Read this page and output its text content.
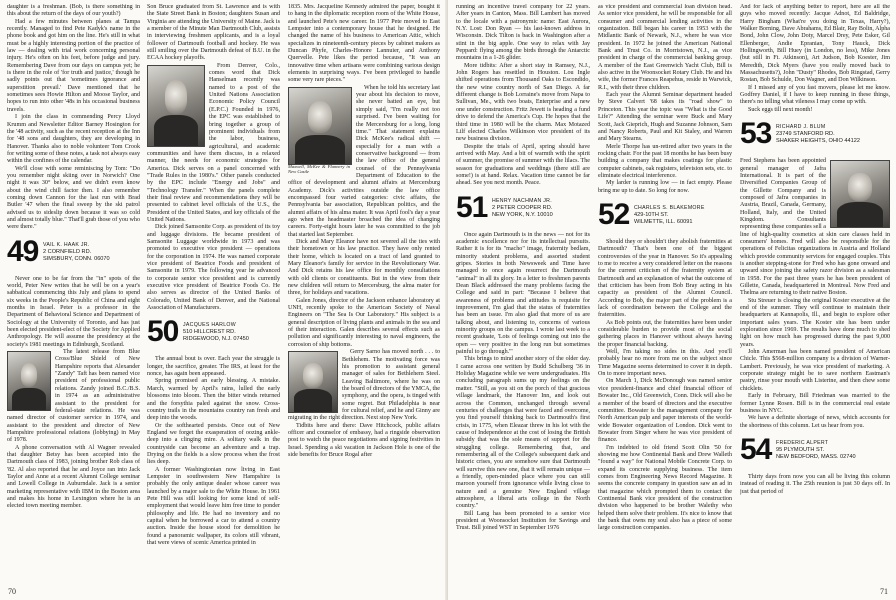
daughter is a freshman. (Bob, is there something in this about the return of the days of our youth?)

Had a few minutes between planes at Tampa recently. Managed to find Pete Kadyk's name in the phone book and got him on the line. He's still in what must be a highly interesting portion of the practice of law — dealing with trial work concerning personal injury. He's often on his feet, before judge and jury. Remembering Dave from our days on campus yet; he is there in the role of 'for truth and justice,' though he sadly points out that 'sometimes ignorance and superstition prevail.' Dave mentioned that he sometimes sees Howie Hilton and Moose Taylor, and hopes to run into other '48s in his occasional business travels.

I join the class in commending Percy Lloyd Krumm and Newsletter Editor Barney Hosington for the '48 activity, such as the recent reception at the Inn for '48 sons and daughters, they are developing in Hanover. Thanks also to noble volunteer Tom Crook for writing some of these notes, a task not always easy within the confines of the calendar.

We'll close with some reminiscing by Tom: "Do you remember night skiing over in Norwich? One night it was 30° below, and we didn't even know about the wind chill factor then. I also remember coming down Cannon for the last run with Brad Butler '47 when the final sweep by the ski patrol advised us to sideslip down because it was so cold and almost totally blue." That'll grab those of you who were there."

49 VAIL K. HAAK JR.
2 CORNFIELD RD.
SIMSBURY, CONN. 06070

Never one to be far from the "in" spots of the world, Peter New writes that he will be on a year's sabbatical commencing this July and plans to spend six weeks in the People's Republic of China and eight months in Israel. Peter is a professor in the Department of Behavioral Science and Department of Sociology at the University of Toronto, and has just been elected president-elect of the Society for Applied Anthropology. He will assume the presidency at the society's 1981 meetings in Edinburgh, Scotland.

The latest release from Blue Cross/Blue Shield of New Hampshire reports that Alexander "Zandy" Taft has been named vice president of professional public relations. Zandy joined B.C./B.S. in 1974 as an administrative assistant to the president for federal-state relations. He was named director of customer service in 1974, and assistant to the president and director of New Hampshire professional relations (lobbying) in May of 1978.

A phone conversation with Al Wagner revealed that daughter Betsy has been accepted into the Dartmouth class of 1983, joining brother Rob class of '82. Al also reported that he and Joyce ran into Jack Taylor and Anne at a recent Alumni College seminar and Lowell College in Auburndale. Jack is a senior marketing representative with IBM in the Boston area and makes his home in Lexington where he is an elected town meeting member.

Son Bruce graduated from St. Lawrence and is with the State Street Bank in Boston; daughters Susan and Virginia are attending the University of Maine. Jack is a member of the Minute Man Dartmouth Club, assists in interviewing freshmen applicants, and is a loyal follower of Dartmouth football and hockey. He was still smiling over the Dartmouth defeat of B.U. in the ECAA hockey playoffs.

From Denver, Colo., comes word that Dick Hanselman recently was named to a post of the United Nations Association Economic Policy Council (E.P.C.) Founded in 1976, the EPC was established to bring together a group of prominent individuals from the labor, business, agricultural, and academic communities and have them discuss, in a relaxed manner, the needs for economic strategies for America. Dick serves on a panel concerned with "Trade Rules in the 1980's." Other panels conducted by the EPC include "Energy and Jobs" and "Technology Transfer." When the panels complete their final review and recommendations they will be presented to cabinet level officials of the U.S., the President of the United States, and key officials of the United Nations.

Dick joined Samsonite Corp. as president of its toy and luggage divisions. He became president of Samsonite Luggage worldwide in 1973 and was promoted to executive vice president — operations for the corporation in 1974. He was named corporate vice president of Beatrice Foods and president of Samsonite in 1979. The following year he advanced to corporate senior vice president and is currently executive vice president of Beatrice Foods Co. He also serves as director of the United Banks of Colorado, United Bank of Denver, and the National Association of Manufacturers.

50 JACQUES HARLOW
510 HILLCREST RD.
RIDGEWOOD, N.J. 07450

The annual bout is over. Each year the struggle is longer, the sacrifice, greater. The IRS, at least for the nonce, has again been appeased.

Spring promised an early blessing. A mistake. March, warmed by April's rains, lulled the early blossoms into bloom. Then the bitter winds returned and the forsythia paled against the snow. Cross-country trails in the mountains country ran fresh and deep into the woods.

Or the softhearted persists. Once out of New England we forget the exasperation of oozing ankle-deep into a clinging mire. A solitary walk in the countryside can become an adventure and a trap. Drying on the fields is a slow process when the frost lies deep.

A former Washingtonian now living in East Lempster in southwestern New Hampshire is probably the only antique dealer whose career was launched by a major sale to the White House. In 1961 Pete Hill was still looking for some kind of self-employment that would leave him free time to ponder philosophy and life. He had no inventory and no capital when he borrowed a car to attend a country auction. Inside the house stood for demolition he found a panoramic wallpaper, its colors still vibrant, that were views of scenic America printed in

1835. Mrs. Jacqueline Kennedy admired the paper, bought it to hang in the diplomatic reception room of the White House, and launched Pete's new career. In 1977 Pete moved to East Lempster into a contemporary house that he designed. He changed the name of his business to American Attic, which specializes in nineteenth-century pieces by cabinet makers as Duncan Phyfe, Charles-Honore Lannuier, and Anthony Quervelle. Pete likes the period because, "It was an innovative time when artisans were combining various design elements in surprising ways. I've been privileged to handle some very rare pieces."

Maxwell, McKee & Flannery in New Castle

When he told his secretary last year about his decision to move, she never batted an eye, but simply said, "I'm really not too surprised. I've been waiting for the Mercersburg for a long, long time." That statement explains Dick McKee's radical shift — especially for a man with a conservative background — from the law office of the general counsel of the Pennsylvania Department of Education to the office of development and alumni affairs at Mercersburg Academy. Dick's activities outside the law office encompassed four varied categories: civic affairs, the Pennsylvania bar association, Republican politics, and the alumni affairs of his alma mater. It was April fool's day a year ago when the headmaster broached the idea of changing careers. Forty-eight hours later he was committed to the job that started last September.

Dick and Mary Eleanor have not severed all the ties with their hometown or his law practice. They have only rented their home, which is located on a tract of land granted to Mary Eleanor's family for service in the Revolutionary War. And Dick retains his law office for monthly consultations with old clients or constituents. But in the view from their new children will return to Mercersburg, the alma mater for three, for holidays and vacations.

Galen Jones, director of the Jackson enhance laboratory at UNH, recently spoke to the American Society of Naval Engineers on "The Sea Is Our Laboratory." His subject is a general description of living plants and animals in the sea and of their interaction. Galen describes several effects such as pollution and significantly interesting to naval engineers, the corrosion of ship bottoms.

Gerry Sarno has moved north . . . to Bethlehem. The motivating force was his promotion to assistant general manager of sales for Bethlehem Steel. Leaving Baltimore, where he was on the board of directors of the YMCA, the symphony, and the opera, is tinged with some regret. But Philadelphia is near for cultural relief, and he and Ginny are migrating in the right direction. Next stop New York.

Tidbits here and there: Dave Hitchcock, public affairs officer and counselor of embassy, had a ringside observation post to watch the peace negotiations and signing festivities in Israel. Spending a ski vacation in Jackson Hole is one of the side benefits for Bruce Rogal after

70

running an incentive travel company for 22 years. After years in Canton, Mass. Bill Lambert has moved to the locale with a patronymic name: East Aurora, N.Y. Lost: Don Ryan — his last-known address in Wisconsin. Dick Tilton is back in Washington after a stint in the big apple. One way to relax with Jay Peppard: flying among the birds through the Antarctic mountains in a 1-26 glider.

More tidbits: After a short stay in Ramsey, N.J., John Rogers has resettled in Houston. Lou Ingle shifted operations from Thousand Oaks to Escondido, the new wine country north of San Diego. A far different change is Bob Lorraine's move from Napa to Sullivan, Me., with two boats, Enterprise and a new one under construction. Fritz Jewett is heading a fund drive to defend the America's Cup. He hopes that the third time in 1980 will be the charm. Max Motazed Lilf elected Charles Wilkinson vice president of its new business division.

Despite the trials of April, spring should have arrived with May. And a bit of warmth with the spirit of summer, the promise of summer with the lilacs. The season for graduations and weddings (there still are some!) is at hand. Relax. Vacation time cannot be far ahead. See you next month. Peace.

51 HENRY NACHMAN JR.
2 PETER COOPER RD.
NEW YORK, N.Y. 10010

Once again Dartmouth is in the news — not for its academic excellence nor for its intellectual pursuits. Rather it is for its "macho" image, fraternity bedlam, minority student problems, and assorted student gripes. Stories in both Newsweek and Time have managed to once again resurrect the Dartmouth "animal" in all its glory. In a letter to freshmen parents Dean Black addressed the many problems facing the College and said in part: "Because I believe that awareness of problems and attitudes is requisite for improvement, I'm glad that the status of fraternities has been an issue. I'm also glad that more of us are talking about, and listening to, concerns of various minority groups on the campus. I wrote last week to a recent graduate, 'Lots of feelings coming out into the open — very positive in the long run but sometimes painful to go through.'"

This brings to mind another story of the older day. I came across one written by Budd Schulberg '36 in Holiday Magazine while we were undergraduates. His concluding paragraph sums up my feelings on the matter. "Still, as you sit on the porch of that gracious village landmark, the Hanover Inn, and look out across the Common, unchanged through several centuries of challenges that were faced and overcome, you find yourself thinking back to Dartmouth's first crisis, in 1775, when Eleazar threw in his lot with the cause of Independence at the cost of losing the British subsidy that was the sole means of support for the struggling college. Remembering that, and remembering all of the College's subsequent dark and historic crises, you are somehow sure that Dartmouth will survive this new one, that it will remain unique — a friendly, open-minded place where you can still maroon yourself from ignorance while living close to nature and a genuine New England village atmosphere, a liberal arts college in the North country."

Bill Lang has been promoted to a senior vice president at Woonsocket Institution for Savings and Trust. Bill joined WST in September 1976

as vice president and commercial loan division head. As senior vice president, he will be responsible for all consumer and commercial lending activities in the organization. Bill began his career in 1953 with the Midlantic Bank of Newark, N.J., where he was vice president. In 1972 he joined the American National Bank and Trust Co. in Morristown, N.J., as vice president in charge of the commercial banking group. A member of the East Greenwich Yacht Club, Bill is also active in the Woonsocket Rotary Club. He and his wife, the former Frances Reapehus, reside in Warwick, R.I., with their three children.

Each year the Alumni Seminar department headed by Steve Calvert '68 takes its "road show" to Princeton. This year the topic was "What is the Good Life?" Attending the seminar were Buck and Mary Scott, Jack Gieprich, Hugh and Suzanne Johnson, Sam and Nancy Roberts, Paul and Kit Staley, and Warren and Mary Stearns.

Merle Thorpe has un-retired after two years in the rocking chair. For the past 18 months he has been busy building a company that makes coatings for plastic computer cabinets, oak registers, television sets, etc. to eliminate electrical interference.

My larder is running low — in fact empty. Please bring me up to date. So long for now.

52 CHARLES S. BLAKEMORE
429-10TH ST.
WILMETTE, ILL. 60091

Should they or shouldn't they abolish fraternities at Dartmouth? That's been one of the biggest controversies of the year in Hanover. So it's appealing to me to receive a very considered letter on the reasons for the current criticism of the fraternity system at Dartmouth and an explanation of what the outcome of that criticism has been from Bob Bray acting in his capacity as president of the Alumni Council. According to Bob, the major part of the problem is a lack of coordination between the College and the fraternities.

As Bob points out, the fraternities have been under considerable burden to provide most of the social gathering places in Hanover without always having the proper financial backing.

Well, I'm taking no sides in this. And you'll probably hear no more from me on the subject since Time Magazine seems determined to cover it in depth. On to more important news.

On March 1, Dick McDonough was named senior vice president-finance and chief financial officer of Bowater Inc., Old Greenwich, Conn. Dick will also be a member of the board of directors and the executive committee. Bowater is the management company for North American pulp and paper interests of the world-wide Bowater organization of London. Dick went to Bowater from Singer where he was vice president of finance.

I'm indebted to old friend Scott Olin '50 for showing me how Continental Bank and Drew Walleth "found a way" for National Mobile Concrete Corp. to expand its concrete supplying business. The item comes from Engineering News Record Magazine. It seems the concrete company in question saw an ad in that magazine which prompted them to contact the Continental Bank vice president of the construction division who happened to be brother Walethy who helped them solve their problem. It's nice to know that the bank that owns my soul also has a piece of some large construction companies.

And for lack of anything better to report, here are all the guys who moved recently: Jacque Adnot, Ed Baldridge, Harry Bingham (What're you doing in Texas, Harry?), Walker Borning, Dave Abrahams, Ed Blair, Ray Bolin, Alpha Bond, John Clow, John Doty, Marcel Drey, Pete Esker, Gil Ellenberger, Andie Epranian, Tony Hauck, Dick Hollingworth, Bill Huey (in London, no less), Mike Jones (but still in Ft. Atkinson), Art Judson, Bob Koester, Jim Meredith, Dick Myers (have you really moved back to Massachusetts?), John "Dusty" Rhodes, Bob Ringstad, Gerry Rostan, Bob Schulde, Don Wagner, and Don Wilkinson.

If I missed any of you fast movers, please let me know. Godfrey Daniel, if I have to keep running in these things, there's no telling what vileness I may come up with.

Suck eggs till next month!

53 RICHARD J. BLUM
23749 STANFORD RD.
SHAKER HEIGHTS, OHIO 44122

Fred Stephens has been appointed general manager of Jafra International. It is part of the Diversified Companies Group of the Gillette Company and is composed of Jafra companies in Austria, Brazil, Canada, Germany, Holland, Italy, and the United Kingdom. Consultants representing these companies sell a line of high-quality cosmetics at skin care classes held in consumers' homes. Fred will also be responsible for the operations of Felicitas organizations in Austria and Holland which provide community services for engaged couples. This is another stepping-stone for Fred who has gone onward and upward since joining the safety razor division as a salesman in 1958. For the past three years he has been president of Gillette, Canada, headquartered in Montreal. Now Fred and Thelma are returning to their native Boston.

Stu Streuer is closing the original Koster executive at the end of the summer. They will continue to maintain their headquarters at Kannapolis, Ill., and begin to explore other important sales years. The Koster site has been under exploration since 1969. The results have done much to shed light on how much has progressed during the past 9,000 years.

John Amerman has been named president of American Chicle. This $568-million company is a division of Warner-Lambert. Previously, he was vice president of marketing. A corporate strategy might be to save northern Eastman's pastry, rinse your mouth with Listerine, and then chew some chicklets.

Early in February, Bill Friedman was married to the former Lynne Rosen. Bill is in the commercial real estate business in NYC.

We have a definite shortage of news, which accounts for the shortness of this column. Let us hear from you.

54 FREDERIC ALPERT
95 PLYMOUTH ST.
NEW BEDFORD, MASS. 02740

Thirty days from now you can all be living this column instead of reading it. The 25th reunion is just 30 days off. In just that period of

71
